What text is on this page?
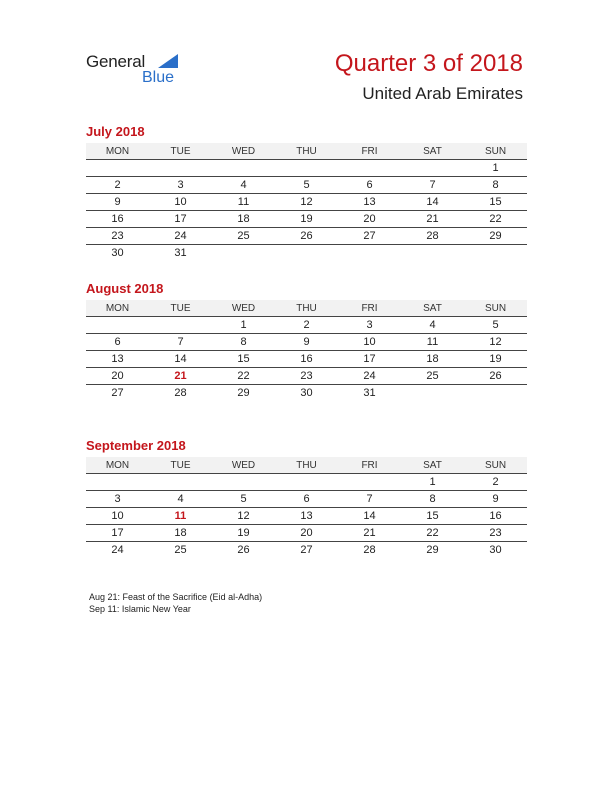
General
Blue
Quarter 3 of 2018
United Arab Emirates
July 2018
MON	TUE	WED	THU	FRI	SAT	SUN
						1
2	3	4	5	6	7	8
9	10	11	12	13	14	15
16	17	18	19	20	21	22
23	24	25	26	27	28	29
30	31					
August 2018
MON	TUE	WED	THU	FRI	SAT	SUN
		1	2	3	4	5
6	7	8	9	10	11	12
13	14	15	16	17	18	19
20	21	22	23	24	25	26
27	28	29	30	31		
September 2018
MON	TUE	WED	THU	FRI	SAT	SUN
					1	2
3	4	5	6	7	8	9
10	11	12	13	14	15	16
17	18	19	20	21	22	23
24	25	26	27	28	29	30
Aug 21: Feast of the Sacrifice (Eid al-Adha)
Sep 11: Islamic New Year
